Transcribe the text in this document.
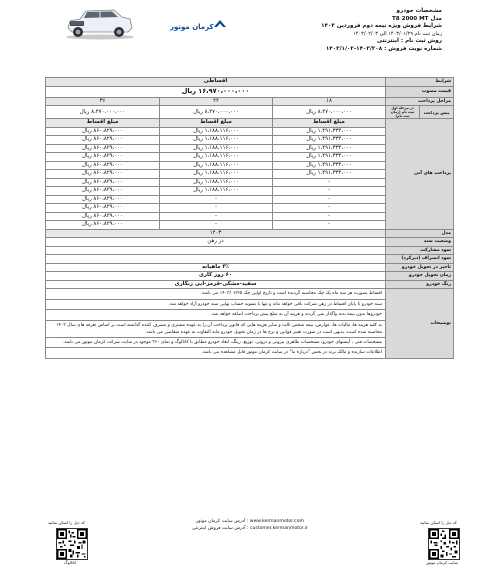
کرمان موتور
مشخصات خودرو
مدل T8 2000 MT
شرایط فروش ویژه نیمه دوم فروردین ۱۴۰۳
زمان ثبت نام ۱۴۰۳/۰۱/۲۹ الی ۱۴۰۳/۰۲/۰۳
روش ثبت نام : اینترنتی
شماره نوبت فروش : ۱۴۰۳/۲۰۸-۱۴۰۳/۱/۰۲
شرایط		اقساطی		
قیمت مصوب		۱۶،۹۷۰،۰۰۰،۰۰۰ ریال		
مراحل پرداخت		۱۸	۲۴	۳۶
پیش پرداخت	در مرحله اول ثبت نام (زمان ثبت نام)	۸،۴۷۰،۰۰۰،۰۰۰ ریال	۸،۴۷۰،۰۰۰،۰۰۰ ریال	۸،۴۷۰،۰۰۰،۰۰۰ ریال
پرداخت های آتی		مبلغ اقساط	مبلغ اقساط	مبلغ اقساط
		۱،۴۹۱،۳۳۴،۰۰۰ ریال	۱،۱۸۸،۱۱۶،۰۰۰ ریال	۸۶۰،۸۲۹،۰۰۰ ریال
		۱،۴۹۱،۳۳۴،۰۰۰ ریال	۱،۱۸۸،۱۱۶،۰۰۰ ریال	۸۶۰،۸۲۹،۰۰۰ ریال
		۱،۴۹۱،۳۳۴،۰۰۰ ریال	۱،۱۸۸،۱۱۶،۰۰۰ ریال	۸۶۰،۸۲۹،۰۰۰ ریال
		۱،۴۹۱،۳۳۴،۰۰۰ ریال	۱،۱۸۸،۱۱۶،۰۰۰ ریال	۸۶۰،۸۲۹،۰۰۰ ریال
		۱،۴۹۱،۳۳۴،۰۰۰ ریال	۱،۱۸۸،۱۱۶،۰۰۰ ریال	۸۶۰،۸۲۹،۰۰۰ ریال
		۱،۴۹۱،۳۳۴،۰۰۰ ریال	۱،۱۸۸،۱۱۶،۰۰۰ ریال	۸۶۰،۸۲۹،۰۰۰ ریال
		-	۱،۱۸۸،۱۱۶،۰۰۰ ریال	۸۶۰،۸۲۹،۰۰۰ ریال
		-	۱،۱۸۸،۱۱۶،۰۰۰ ریال	۸۶۰،۸۲۹،۰۰۰ ریال
		-	-	۸۶۰،۸۲۹،۰۰۰ ریال
		-	-	۸۶۰،۸۲۹،۰۰۰ ریال
		-	-	۸۶۰،۸۲۹،۰۰۰ ریال
		-	-	۸۶۰،۸۲۹،۰۰۰ ریال
مدل		۱۴۰۳		
وضعیت سند		در رهن		
سود مشارکت				
سود انصراف (دیرکرد)				
تاخیر در تحویل خودرو		۳٪ ماهیانه		
زمان تحویل خودرو		۶۰ روز کاری		
رنگ خودرو		سفید-مشکی-قرمز-آبی زنگاری		
توضیحات		اقساط بصورت هر سه ماه یک چک محاسبه گردیده است و تاریخ اولین چک ۱۴۰۳/۰۶/۲۵ می باشد.		
		سند خودرو تا پایان اقساط در رهن شرکت باقی خواهد ماند و تنها با تسویه حساب نهایی سند خودرو آزاد خواهد شد.		
		خودروها بدون بیمه بدنه واگذار نمی گردند و هزینه آن به مبلغ پیش پرداخت اضافه خواهد شد.		
		به کلیه هزینه ها، مالیات ها، عوارض، بیمه شخص ثالث و سایر هزینه هایی که قانون پرداخت آن را به عهده مشتری و مصرف کننده گذاشته است بر اساس تعرفه های سال ۱۴۰۳ محاسبه شده است، بدیهی است در صورت تغییر قوانین و نرخ ها در زمان تحویل خودرو مابه التفاوت به عهده متقاضی می باشد.		
		مشخصات فنی ، آپشنهای خودرو، مشخصات ظاهری بیرونی و درونی، توزیع، رینگ، ابعاد خودرو مطابق با کاتالوگ و نمای ۳۶۰ موجود در سایت شرکت کرمان موتور می باشد.		
		اطلاعات سازنده و مالک برند در بخش "درباره ما" در سایت کرمان موتور قابل مشاهده می باشد.		
کد ذیل را اسکن نمایید
کاتالوگ
آدرس سایت کرمان موتور : www.kermanmotor.com
آدرس سایت فروش اینترنتی : customer.kermanmotor.ir
کد ذیل را اسکن نمایید
سایت کرمان موتور
